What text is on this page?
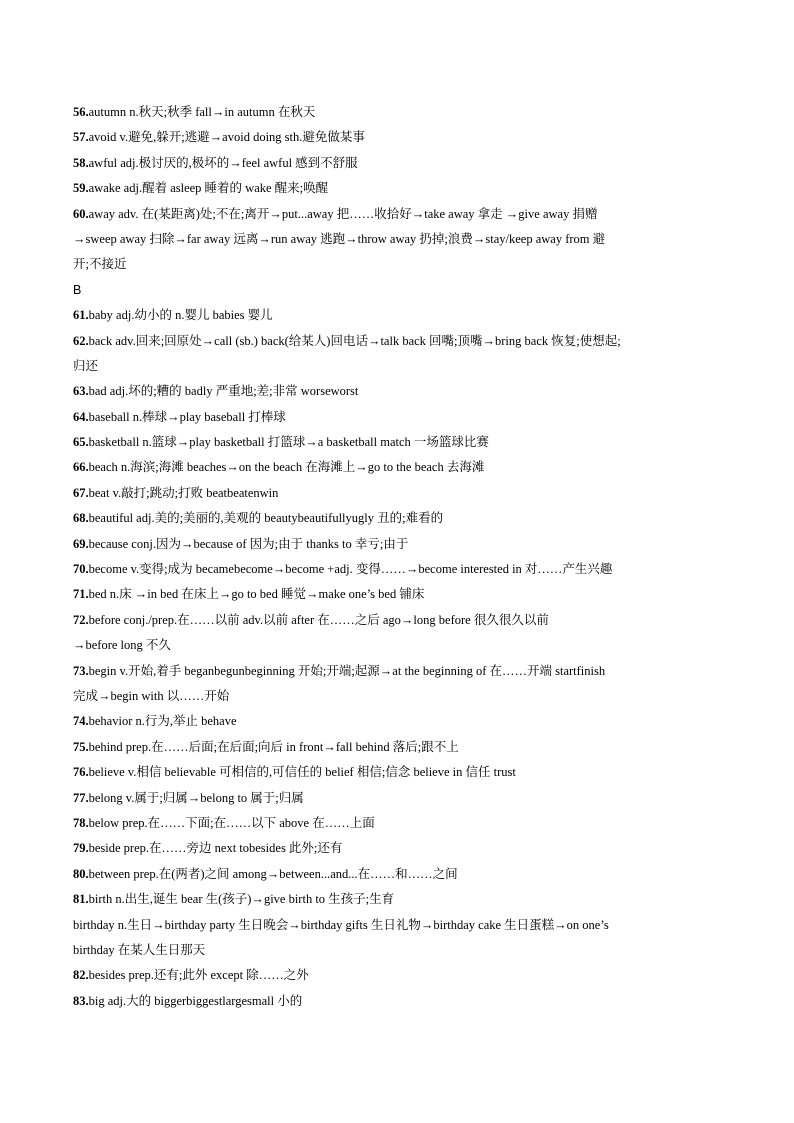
56.autumn n.秋天;秋季 fall→in autumn 在秋天
57.avoid v.避免,躲开;逃避→avoid doing sth.避免做某事
58.awful adj.极讨厌的,极坏的→feel awful 感到不舒服
59.awake adj.醒着 asleep 睡着的 wake 醒来;唤醒
60.away adv. 在(某距离)处;不在;离开→put...away 把……收拾好→take away 拿走 →give away 捐赠
→sweep away 扫除→far away 远离→run away 逃跑→throw away 扔掉;浪费→stay/keep away from 避
开;不接近
B
61.baby adj.幼小的 n.婴儿 babies 婴儿
62.back adv.回来;回原处→call (sb.) back(给某人)回电话→talk back 回嘴;顶嘴→bring back 恢复;使想起;
归还
63.bad adj.坏的;糟的 badly 严重地;差;非常 worseworst
64.baseball n.棒球→play baseball 打棒球
65.basketball n.篮球→play basketball 打篮球→a basketball match 一场篮球比赛
66.beach n.海滨;海滩 beaches→on the beach 在海滩上→go to the beach 去海滩
67.beat v.敲打;跳动;打败 beatbeatenwin
68.beautiful adj.美的;美丽的,美观的 beautybeautifullyugly 丑的;难看的
69.because conj.因为→because of 因为;由于 thanks to 幸亏;由于
70.become v.变得;成为 becamebecome→become +adj. 变得……→become interested in 对……产生兴趣
71.bed n.床 →in bed 在床上→go to bed 睡觉→make one’s bed 铺床
72.before conj./prep.在……以前 adv.以前 after 在……之后 ago→long before 很久很久以前
→before long 不久
73.begin v.开始,着手 beganbegunbeginning 开始;开端;起源→at the beginning of 在……开端 startfinish
完成→begin with 以……开始
74.behavior n.行为,举止 behave
75.behind prep.在……后面;在后面;向后 in front→fall behind 落后;跟不上
76.believe v.相信 believable 可相信的,可信任的 belief 相信;信念 believe in 信任 trust
77.belong v.属于;归属→belong to 属于;归属
78.below prep.在……下面;在……以下 above 在……上面
79.beside prep.在……旁边 next tobesides 此外;还有
80.between prep.在(两者)之间 among→between...and...在……和……之间
81.birth n.出生,诞生 bear 生(孩子)→give birth to 生孩子;生育
birthday n.生日→birthday party 生日晚会→birthday gifts 生日礼物→birthday cake 生日蛋糕→on one’s
birthday 在某人生日那天
82.besides prep.还有;此外 except 除……之外
83.big adj.大的 biggerbiggestlargesmall 小的
